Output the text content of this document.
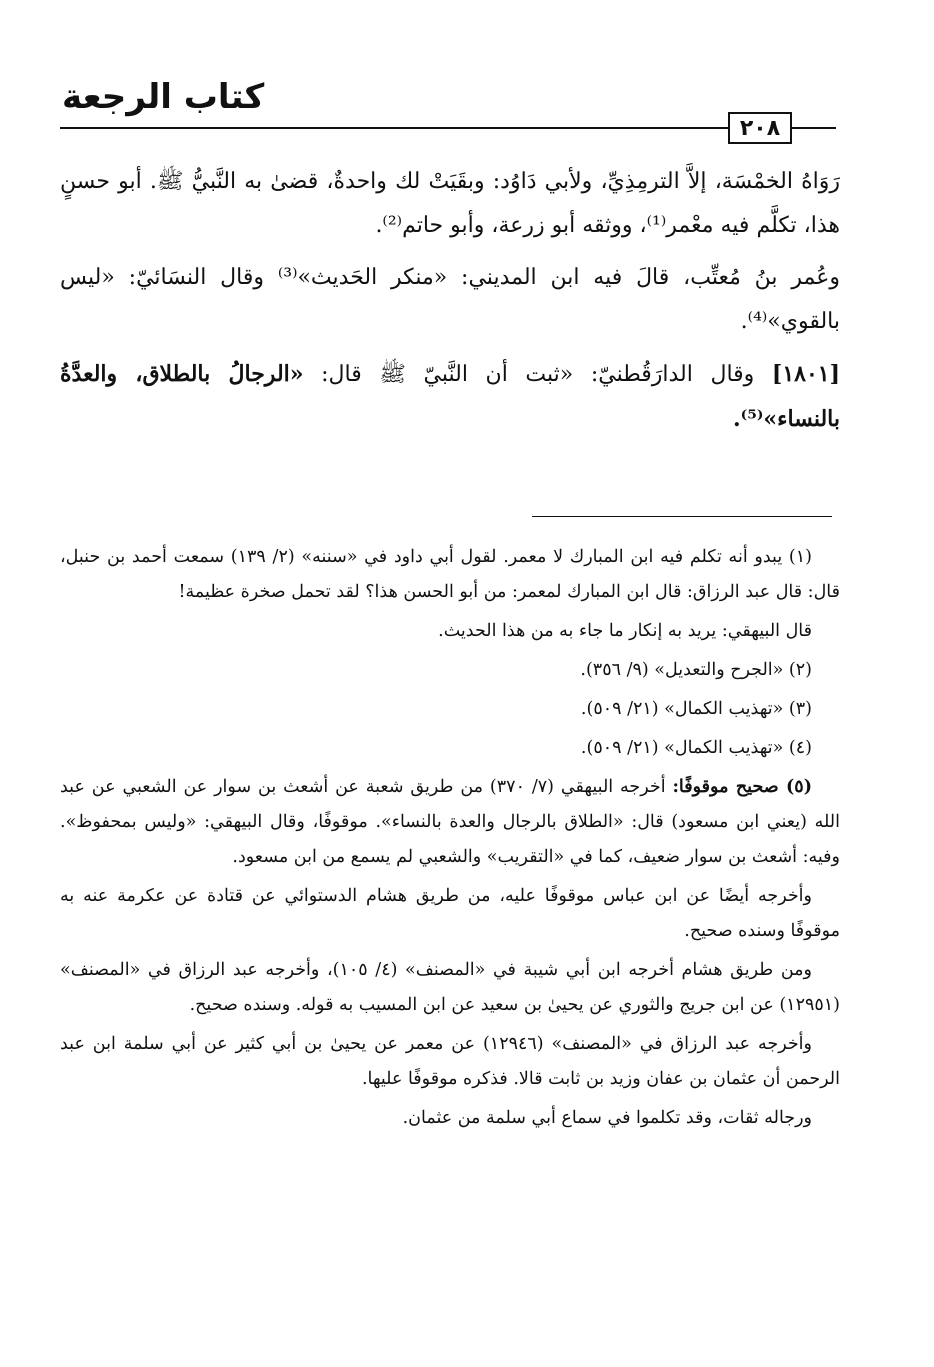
كتاب الرجعة
٢٠٨

رَوَاهُ الخمْسَة، إلاَّ الترمِذِيِّ، ولأبي دَاوُد: وبقَيَتْ لك واحدةٌ، قضىٰ به النَّبيُّ ﷺ. أبو حسنٍ هذا، تكلَّم فيه معْمر⁽¹⁾، ووثقه أبو زرعة، وأبو حاتم⁽²⁾.

وعُمر بنُ مُعتِّب، قالَ فيه ابن المديني: «منكر الحَديث»⁽³⁾ وقال النسَائيّ: «ليس بالقوي»⁽⁴⁾.

[١٨٠١] وقال الدارَقُطنيّ: «ثبت أن النَّبيّ ﷺ قال: «الرجالُ بالطلاق، والعدَّةُ بالنساء»⁽⁵⁾.

(١) يبدو أنه تكلم فيه ابن المبارك لا معمر. لقول أبي داود في «سننه» (٢/ ١٣٩) سمعت أحمد بن حنبل، قال: قال عبد الرزاق: قال ابن المبارك لمعمر: من أبو الحسن هذا؟ لقد تحمل صخرة عظيمة!

قال البيهقي: يريد به إنكار ما جاء به من هذا الحديث.

(٢) «الجرح والتعديل» (٩/ ٣٥٦).

(٣) «تهذيب الكمال» (٢١/ ٥٠٩).

(٤) «تهذيب الكمال» (٢١/ ٥٠٩).

(٥) صحيح موقوفًا: أخرجه البيهقي (٧/ ٣٧٠) من طريق شعبة عن أشعث بن سوار عن الشعبي عن عبد الله (يعني ابن مسعود) قال: «الطلاق بالرجال والعدة بالنساء». موقوفًا، وقال البيهقي: «وليس بمحفوظ». وفيه: أشعث بن سوار ضعيف، كما في «التقريب» والشعبي لم يسمع من ابن مسعود.

وأخرجه أيضًا عن ابن عباس موقوفًا عليه، من طريق هشام الدستوائي عن قتادة عن عكرمة عنه به موقوفًا وسنده صحيح.

ومن طريق هشام أخرجه ابن أبي شيبة في «المصنف» (٤/ ١٠٥)، وأخرجه عبد الرزاق في «المصنف» (١٢٩٥١) عن ابن جريج والثوري عن يحيىٰ بن سعيد عن ابن المسيب به قوله. وسنده صحيح.

وأخرجه عبد الرزاق في «المصنف» (١٢٩٤٦) عن معمر عن يحيىٰ بن أبي كثير عن أبي سلمة ابن عبد الرحمن أن عثمان بن عفان وزيد بن ثابت قالا. فذكره موقوفًا عليها.

ورجاله ثقات، وقد تكلموا في سماع أبي سلمة من عثمان.
